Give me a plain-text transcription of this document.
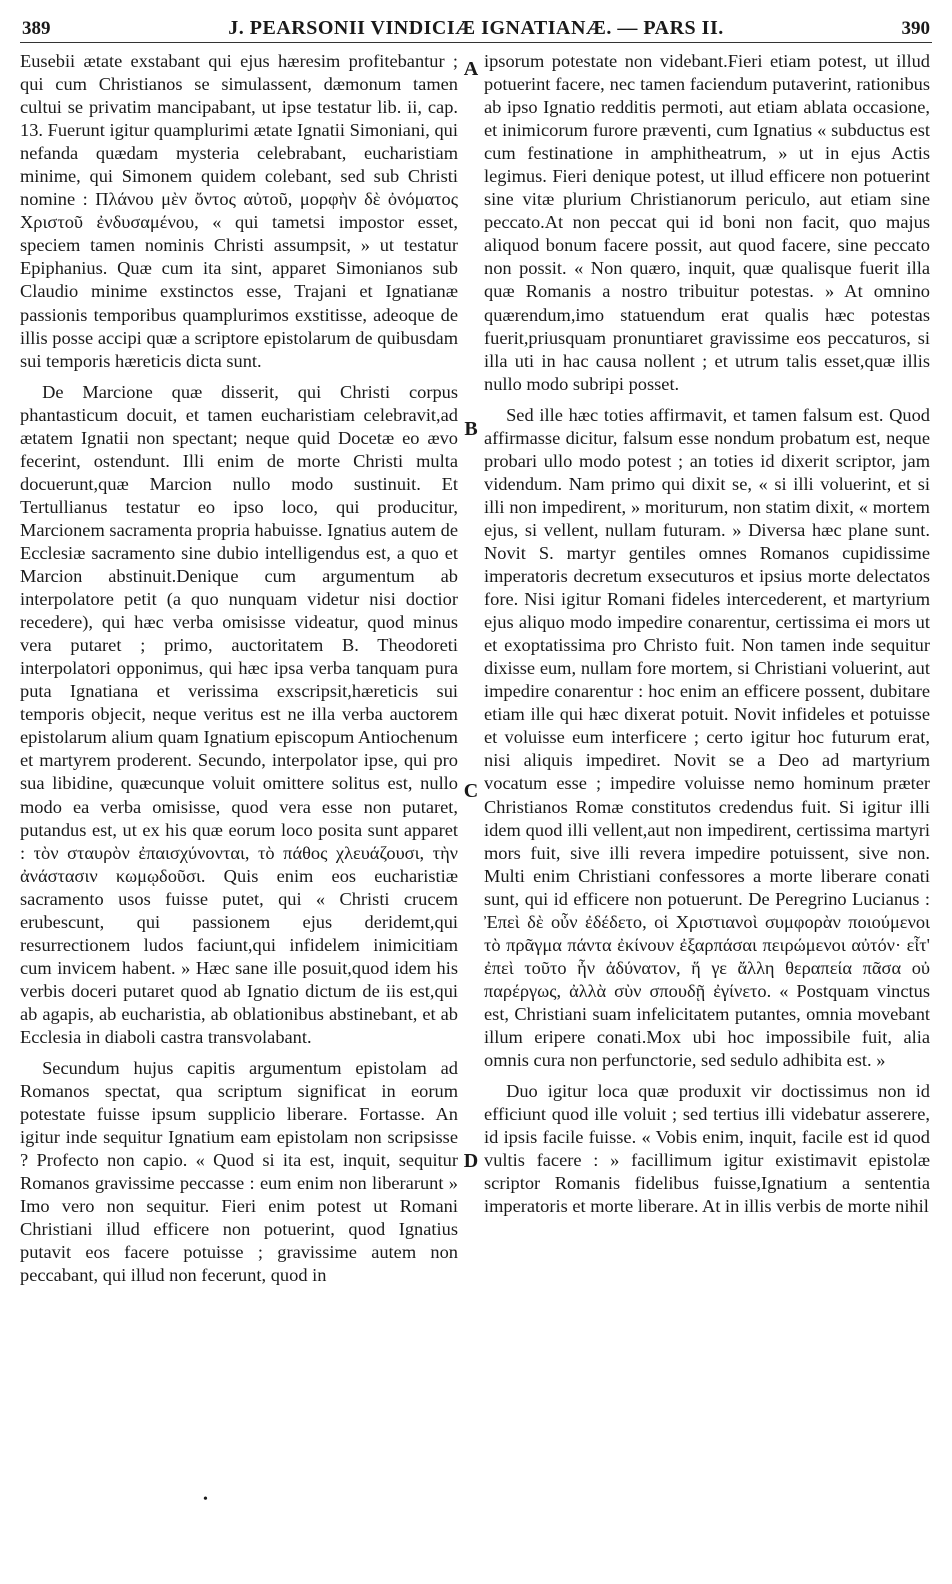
389	J. PEARSONII VINDICIÆ IGNATIANÆ. — PARS II.	390

Eusebii ætate exstabant qui ejus hæresim profitebantur ; qui cum Christianos se simulassent, dæmonum tamen cultui se privatim mancipabant, ut ipse testatur lib. ii, cap. 13. Fuerunt igitur quamplurimi ætate Ignatii Simoniani, qui nefanda quædam mysteria celebrabant, eucharistiam minime, qui Simonem quidem colebant, sed sub Christi nomine : Πλάνου μὲν ὄντος αὐτοῦ, μορφὴν δὲ ὀνόματος Χριστοῦ ἐνδυσαμένου, « qui tametsi impostor esset, speciem tamen nominis Christi assumpsit, » ut testatur Epiphanius. Quæ cum ita sint, apparet Simonianos sub Claudio minime exstinctos esse, Trajani et Ignatianæ passionis temporibus quamplurimos exstitisse, adeoque de illis posse accipi quæ a scriptore epistolarum de quibusdam sui temporis hæreticis dicta sunt.

De Marcione quæ disserit, qui Christi corpus phantasticum docuit, et tamen eucharistiam celebravit,ad ætatem Ignatii non spectant; neque quid Docetæ eo ævo fecerint, ostendunt. Illi enim de morte Christi multa docuerunt,quæ Marcion nullo modo sustinuit. Et Tertullianus testatur eo ipso loco, qui producitur, Marcionem sacramenta propria habuisse. Ignatius autem de Ecclesiæ sacramento sine dubio intelligendus est, a quo et Marcion abstinuit.Denique cum argumentum ab interpolatore petit (a quo nunquam videtur nisi doctior recedere), qui hæc verba omisisse videatur, quod minus vera putaret ; primo, auctoritatem B. Theodoreti interpolatori opponimus, qui hæc ipsa verba tanquam pura puta Ignatiana et verissima exscripsit,hæreticis sui temporis objecit, neque veritus est ne illa verba auctorem epistolarum alium quam Ignatium episcopum Antiochenum et martyrem proderent. Secundo, interpolator ipse, qui pro sua libidine, quæcunque voluit omittere solitus est, nullo modo ea verba omisisse, quod vera esse non putaret, putandus est, ut ex his quæ eorum loco posita sunt apparet : τὸν σταυρὸν ἐπαισχύνονται, τὸ πάθος χλευάζουσι, τὴν ἀνάστασιν κωμῳδοῦσι. Quis enim eos eucharistiæ sacramento usos fuisse putet, qui « Christi crucem erubescunt, qui passionem ejus deridemt,qui resurrectionem ludos faciunt,qui infidelem inimicitiam cum invicem habent. » Hæc sane ille posuit,quod idem his verbis doceri putaret quod ab Ignatio dictum de iis est,qui ab agapis, ab eucharistia, ab oblationibus abstinebant, et ab Ecclesia in diaboli castra transvolabant.

Secundum hujus capitis argumentum epistolam ad Romanos spectat, qua scriptum significat in eorum potestate fuisse ipsum supplicio liberare. Fortasse. An igitur inde sequitur Ignatium eam epistolam non scripsisse ? Profecto non capio. « Quod si ita est, inquit, sequitur Romanos gravissime peccasse : eum enim non liberarunt » Imo vero non sequitur. Fieri enim potest ut Romani Christiani illud efficere non potuerint, quod Ignatius putavit eos facere potuisse ; gravissime autem non peccabant, qui illud non fecerunt, quod in

A
B
C
D

ipsorum potestate non videbant.Fieri etiam potest, ut illud potuerint facere, nec tamen faciendum putaverint, rationibus ab ipso Ignatio redditis permoti, aut etiam ablata occasione, et inimicorum furore præventi, cum Ignatius « subductus est cum festinatione in amphitheatrum, » ut in ejus Actis legimus. Fieri denique potest, ut illud efficere non potuerint sine vitæ plurium Christianorum periculo, aut etiam sine peccato.At non peccat qui id boni non facit, quo majus aliquod bonum facere possit, aut quod facere, sine peccato non possit. « Non quæro, inquit, quæ qualisque fuerit illa quæ Romanis a nostro tribuitur potestas. » At omnino quærendum,imo statuendum erat qualis hæc potestas fuerit,priusquam pronuntiaret gravissime eos peccaturos, si illa uti in hac causa nollent ; et utrum talis esset,quæ illis nullo modo subripi posset.

Sed ille hæc toties affirmavit, et tamen falsum est. Quod affirmasse dicitur, falsum esse nondum probatum est, neque probari ullo modo potest ; an toties id dixerit scriptor, jam videndum. Nam primo qui dixit se, « si illi voluerint, et si illi non impedirent, » moriturum, non statim dixit, « mortem ejus, si vellent, nullam futuram. » Diversa hæc plane sunt. Novit S. martyr gentiles omnes Romanos cupidissime imperatoris decretum exsecuturos et ipsius morte delectatos fore. Nisi igitur Romani fideles intercederent, et martyrium ejus aliquo modo impedire conarentur, certissima ei mors ut et exoptatissima pro Christo fuit. Non tamen inde sequitur dixisse eum, nullam fore mortem, si Christiani voluerint, aut impedire conarentur : hoc enim an efficere possent, dubitare etiam ille qui hæc dixerat potuit. Novit infideles et potuisse et voluisse eum interficere ; certo igitur hoc futurum erat, nisi aliquis impediret. Novit se a Deo ad martyrium vocatum esse ; impedire voluisse nemo hominum præter Christianos Romæ constitutos credendus fuit. Si igitur illi idem quod illi vellent,aut non impedirent, certissima martyri mors fuit, sive illi revera impedire potuissent, sive non. Multi enim Christiani confessores a morte liberare conati sunt, qui id efficere non potuerunt. De Peregrino Lucianus : Ἐπεὶ δὲ οὖν ἐδέδετο, οἱ Χριστιανοὶ συμφορὰν ποιούμενοι τὸ πρᾶγμα πάντα ἐκίνουν ἐξαρπάσαι πειρώμενοι αὐτόν· εἶτ' ἐπεὶ τοῦτο ἦν ἀδύνατον, ἥ γε ἄλλη θεραπεία πᾶσα οὐ παρέργως, ἀλλὰ σὺν σπουδῇ ἐγίνετο. « Postquam vinctus est, Christiani suam infelicitatem putantes, omnia movebant illum eripere conati.Mox ubi hoc impossibile fuit, alia omnis cura non perfunctorie, sed sedulo adhibita est. »

Duo igitur loca quæ produxit vir doctissimus non id efficiunt quod ille voluit ; sed tertius illi videbatur asserere, id ipsis facile fuisse. « Vobis enim, inquit, facile est id quod vultis facere : » facillimum igitur existimavit epistolæ scriptor Romanis fidelibus fuisse,Ignatium a sententia imperatoris et morte liberare. At in illis verbis de morte nihil

•
